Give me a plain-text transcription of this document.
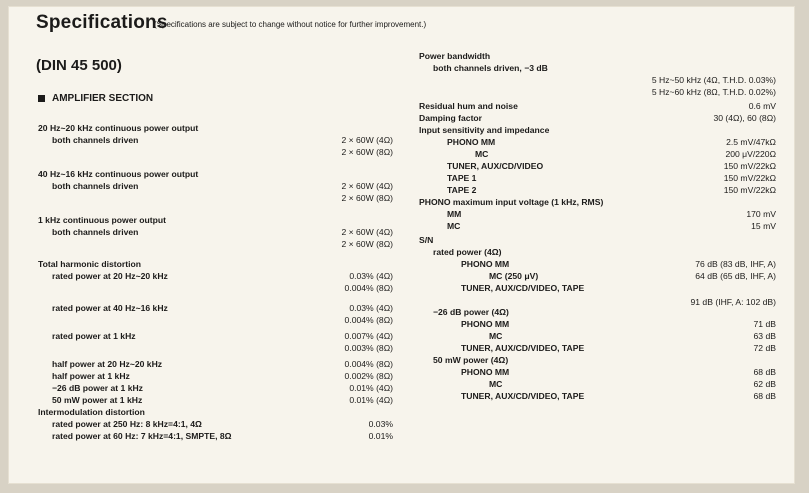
Specifications
(Specifications are subject to change without notice for further improvement.)
(DIN 45 500)
AMPLIFIER SECTION
20 Hz~20 kHz continuous power output
both channels driven	2 × 60W (4Ω)
2 × 60W (8Ω)
40 Hz~16 kHz continuous power output
both channels driven	2 × 60W (4Ω)
2 × 60W (8Ω)
1 kHz continuous power output
both channels driven	2 × 60W (4Ω)
2 × 60W (8Ω)
Total harmonic distortion
rated power at 20 Hz~20 kHz	0.03% (4Ω)
0.004% (8Ω)
rated power at 40 Hz~16 kHz	0.03% (4Ω)
0.004% (8Ω)
rated power at 1 kHz	0.007% (4Ω)
0.003% (8Ω)
half power at 20 Hz~20 kHz	0.004% (8Ω)
half power at 1 kHz	0.002% (8Ω)
−26 dB power at 1 kHz	0.01% (4Ω)
50 mW power at 1 kHz	0.01% (4Ω)
Intermodulation distortion
rated power at 250 Hz: 8 kHz=4:1, 4Ω	0.03%
rated power at 60 Hz: 7 kHz=4:1, SMPTE, 8Ω	0.01%
Power bandwidth
both channels driven, −3 dB
5 Hz~50 kHz (4Ω, T.H.D. 0.03%)
5 Hz~60 kHz (8Ω, T.H.D. 0.02%)
Residual hum and noise	0.6 mV
Damping factor	30 (4Ω), 60 (8Ω)
Input sensitivity and impedance
PHONO MM	2.5 mV/47kΩ
MC	200 μV/220Ω
TUNER, AUX/CD/VIDEO	150 mV/22kΩ
TAPE 1	150 mV/22kΩ
TAPE 2	150 mV/22kΩ
PHONO maximum input voltage (1 kHz, RMS)
MM	170 mV
MC	15 mV
S/N
rated power (4Ω)
PHONO MM	76 dB (83 dB, IHF, A)
MC (250 μV)	64 dB (65 dB, IHF, A)
TUNER, AUX/CD/VIDEO, TAPE
91 dB (IHF, A: 102 dB)
−26 dB power (4Ω)
PHONO MM	71 dB
MC	63 dB
TUNER, AUX/CD/VIDEO, TAPE	72 dB
50 mW power (4Ω)
PHONO MM	68 dB
MC	62 dB
TUNER, AUX/CD/VIDEO, TAPE	68 dB
